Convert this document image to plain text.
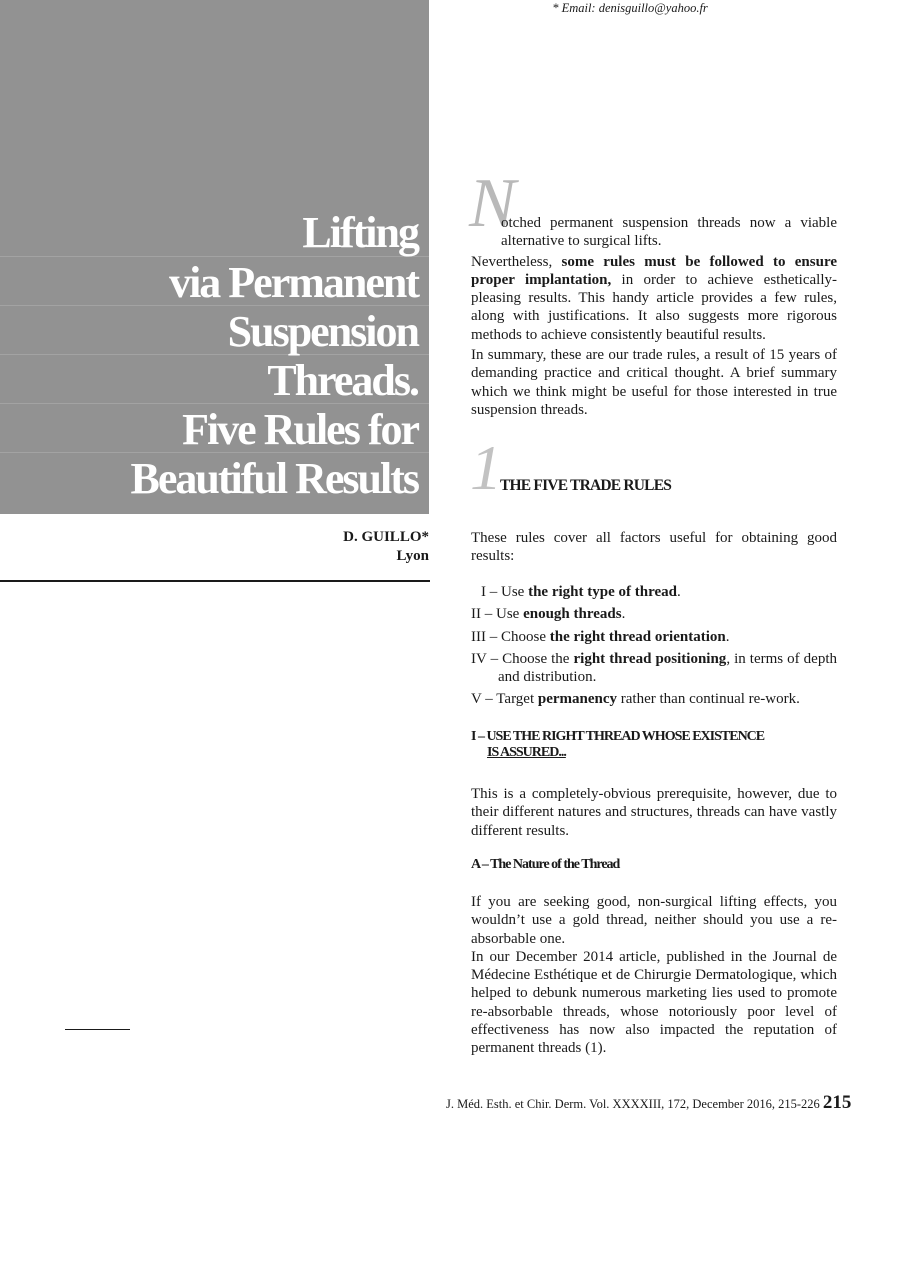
* Email: denisguillo@yahoo.fr
Lifting
via Permanent
Suspension
Threads.
Five Rules for
Beautiful Results
D. GUILLO*
Lyon
N

otched permanent suspension threads now a viable alternative to surgical lifts.

Nevertheless, some rules must be followed to ensure proper implantation, in order to achieve esthetically-pleasing results. This handy article provides a few rules, along with justifications. It also suggests more rigorous methods to achieve consistently beautiful results.

In summary, these are our trade rules, a result of 15 years of demanding practice and critical thought. A brief summary which we think might be useful for those interested in true suspension threads.

1
THE FIVE TRADE RULES

These rules cover all factors useful for obtaining good results:

I – Use the right type of thread.
II – Use enough threads.
III – Choose the right thread orientation.
IV – Choose the right thread positioning, in terms of depth and distribution.
V – Target permanency rather than continual re-work.
I – USE THE RIGHT THREAD WHOSE EXISTENCE
IS ASSURED...

This is a completely-obvious prerequisite, however, due to their different natures and structures, threads can have vastly different results.

A – The Nature of the Thread

If you are seeking good, non-surgical lifting effects, you wouldn’t use a gold thread, neither should you use a re-absorbable one.

In our December 2014 article, published in the Journal de Médecine Esthétique et de Chirurgie Dermatologique, which helped to debunk numerous marketing lies used to promote re-absorbable threads, whose notoriously poor level of effectiveness has now also impacted the reputation of permanent threads (1).

J. Méd. Esth. et Chir. Derm. Vol. XXXXIII, 172, December 2016, 215-226 215
